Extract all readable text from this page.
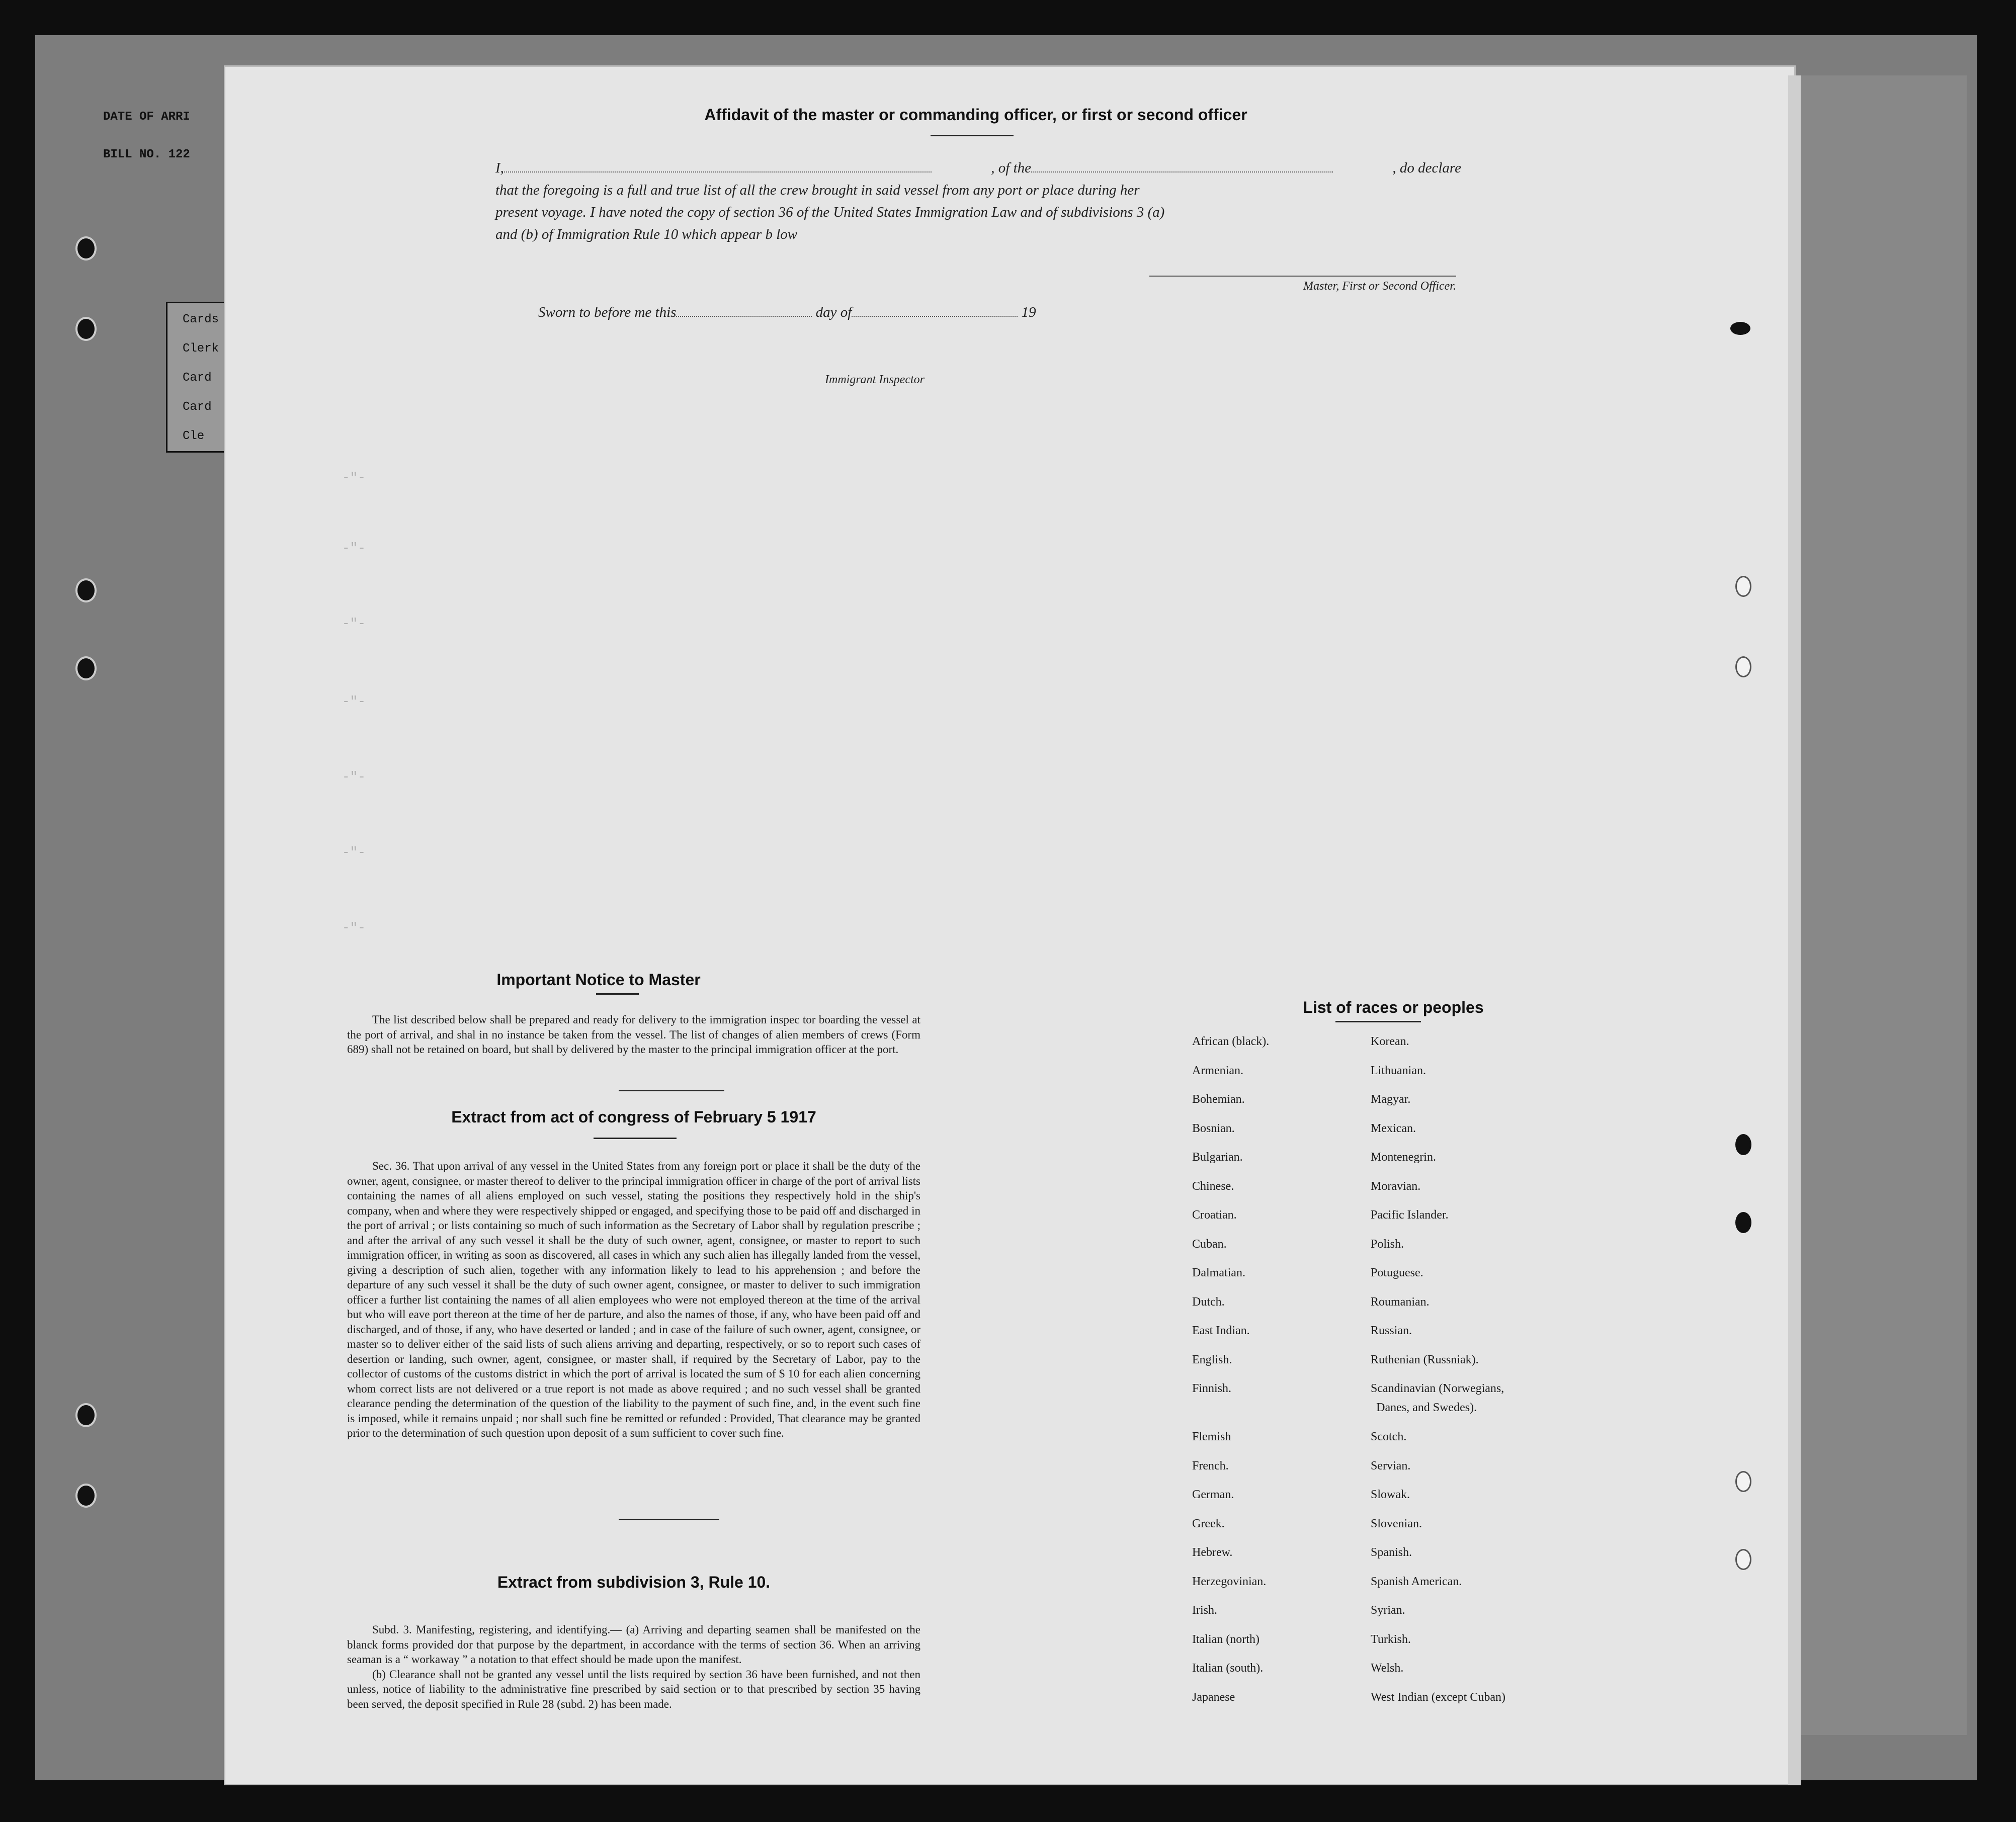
DATE OF ARRI
BILL NO. 122
Cards
Clerk
Card
Card
Cle
-"-
-"-
-"-
-"-
-"-
-"-
-"-
Affidavit of the master or commanding officer, or first or second officer
I,	, of the	, do declare
that the foregoing is a full and true list of all the crew brought in said vessel from any port or place during her
present voyage. I have noted the copy of section 36 of the United States Immigration Law and of subdivisions 3 (a)
and (b) of Immigration Rule 10 which appear b low
Master, First or Second Officer.
Sworn to before me this	day of	19
Immigrant Inspector
Important Notice to Master

The list described below shall be prepared and ready for delivery to the immigration inspec tor boarding the vessel at the port of arrival, and shal in no instance be taken from the vessel. The list of changes of alien members of crews (Form 689) shall not be retained on board, but shall by delivered by the master to the principal immigration officer at the port.

Extract from act of congress of February 5 1917

Sec. 36. That upon arrival of any vessel in the United States from any foreign port or place it shall be the duty of the owner, agent, consignee, or master thereof to deliver to the principal immigration officer in charge of the port of arrival lists containing the names of all aliens employed on such vessel, stating the positions they respectively hold in the ship's company, when and where they were respectively shipped or engaged, and specifying those to be paid off and discharged in the port of arrival ; or lists containing so much of such information as the Secretary of Labor shall by regulation prescribe ; and after the arrival of any such vessel it shall be the duty of such owner, agent, consignee, or master to report to such immigration officer, in writing as soon as discovered, all cases in which any such alien has illegally landed from the vessel, giving a description of such alien, together with any information likely to lead to his apprehension ; and before the departure of any such vessel it shall be the duty of such owner agent, consignee, or master to deliver to such immigration officer a further list containing the names of all alien employees who were not employed thereon at the time of the arrival but who will eave port thereon at the time of her de parture, and also the names of those, if any, who have been paid off and discharged, and of those, if any, who have deserted or landed ; and in case of the failure of such owner, agent, consignee, or master so to deliver either of the said lists of such aliens arriving and departing, respectively, or so to report such cases of desertion or landing, such owner, agent, consignee, or master shall, if required by the Secretary of Labor, pay to the collector of customs of the customs district in which the port of arrival is located the sum of $ 10 for each alien concerning whom correct lists are not delivered or a true report is not made as above required ; and no such vessel shall be granted clearance pending the determination of the question of the liability to the payment of such fine, and, in the event such fine is imposed, while it remains unpaid ; nor shall such fine be remitted or refunded : Provided, That clearance may be granted prior to the determination of such question upon deposit of a sum sufficient to cover such fine.

Extract from subdivision 3, Rule 10.

Subd. 3. Manifesting, registering, and identifying.— (a) Arriving and departing seamen shall be manifested on the blanck forms provided dor that purpose by the department, in accordance with the terms of section 36. When an arriving seaman is a “ workaway ” a notation to that effect should be made upon the manifest.

(b) Clearance shall not be granted any vessel until the lists required by section 36 have been furnished, and not then unless, notice of liability to the administrative fine prescribed by said section or to that prescribed by section 35 having been served, the deposit specified in Rule 28 (subd. 2) has been made.

List of races or peoples
African (black).	Korean.
Armenian.	Lithuanian.
Bohemian.	Magyar.
Bosnian.	Mexican.
Bulgarian.	Montenegrin.
Chinese.	Moravian.
Croatian.	Pacific Islander.
Cuban.	Polish.
Dalmatian.	Potuguese.
Dutch.	Roumanian.
East Indian.	Russian.
English.	Ruthenian (Russniak).
Finnish.	Scandinavian (Norwegians,
Danes, and Swedes).
Flemish	Scotch.
French.	Servian.
German.	Slowak.
Greek.	Slovenian.
Hebrew.	Spanish.
Herzegovinian.	Spanish American.
Irish.	Syrian.
Italian (north)	Turkish.
Italian (south).	Welsh.
Japanese	West Indian (except Cuban)
